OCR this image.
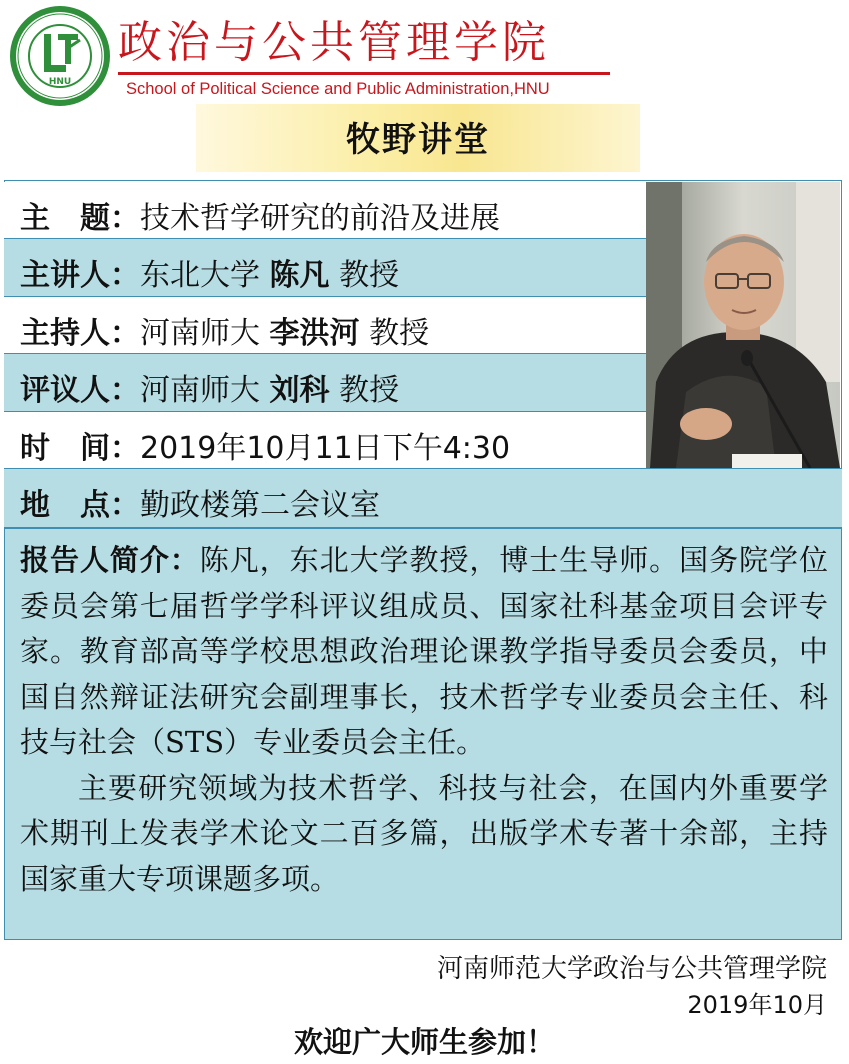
HNU
政治与公共管理学院
School of Political Science and Public Administration,HNU
牧野讲堂
主　题：技术哲学研究的前沿及进展
主讲人：东北大学 陈凡 教授
主持人：河南师大 李洪河 教授
评议人：河南师大 刘科 教授
时　间：2019年10月11日下午4:30
地　点：勤政楼第二会议室
报告人简介：陈凡，东北大学教授，博士生导师。国务院学位委员会第七届哲学学科评议组成员、国家社科基金项目会评专家。教育部高等学校思想政治理论课教学指导委员会委员，中国自然辩证法研究会副理事长，技术哲学专业委员会主任、科技与社会（STS）专业委员会主任。
主要研究领域为技术哲学、科技与社会，在国内外重要学术期刊上发表学术论文二百多篇，出版学术专著十余部，主持国家重大专项课题多项。
河南师范大学政治与公共管理学院
2019年10月
欢迎广大师生参加！
